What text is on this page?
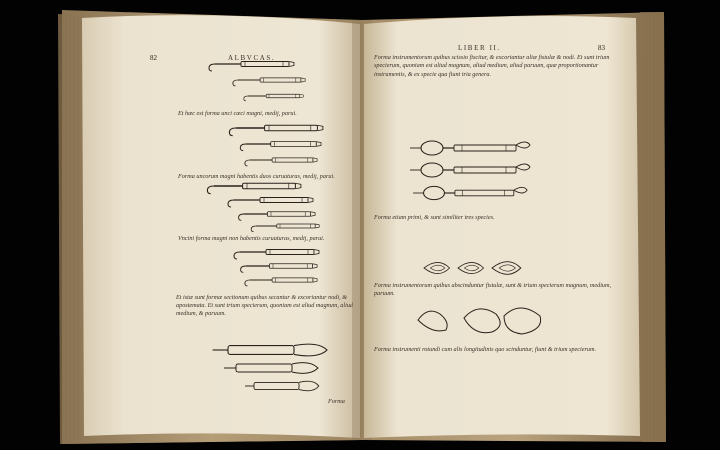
82	ALBVCAS.
Et hæc est forma unci cæci magni, medij, parui.
Forma uncorum magni habentis duos curuaturas, medij, parui.
Vncini forma magni non habentis curuaturas, medij, parui.
Et istæ sunt formæ sectionum quibus secantur & excoriantur nodi, & apostemata. Et sunt trium specierum, quoniam est aliud magnum, aliud medium, & paruum.
Forma
LIBER II.	83
Forma instrumentorum quibus scissio fiscitur, & excoriantur aliæ fistulæ & nodi. Et sunt trium specierum, quoniam est aliud magnum, aliud medium, aliud paruum, quæ proportionantur instrumentis, & ex specie qua fiunt tria genera.
Forma etiam primi, & sunt similiter tres species.
Forma instrumentorum quibus abscinduntur fistulæ, sunt & trium specierum magnum, medium, paruum.
Forma instrumenti rotundi cum alis longitudinis quo scinduntur, fiunt & trium specierum.
